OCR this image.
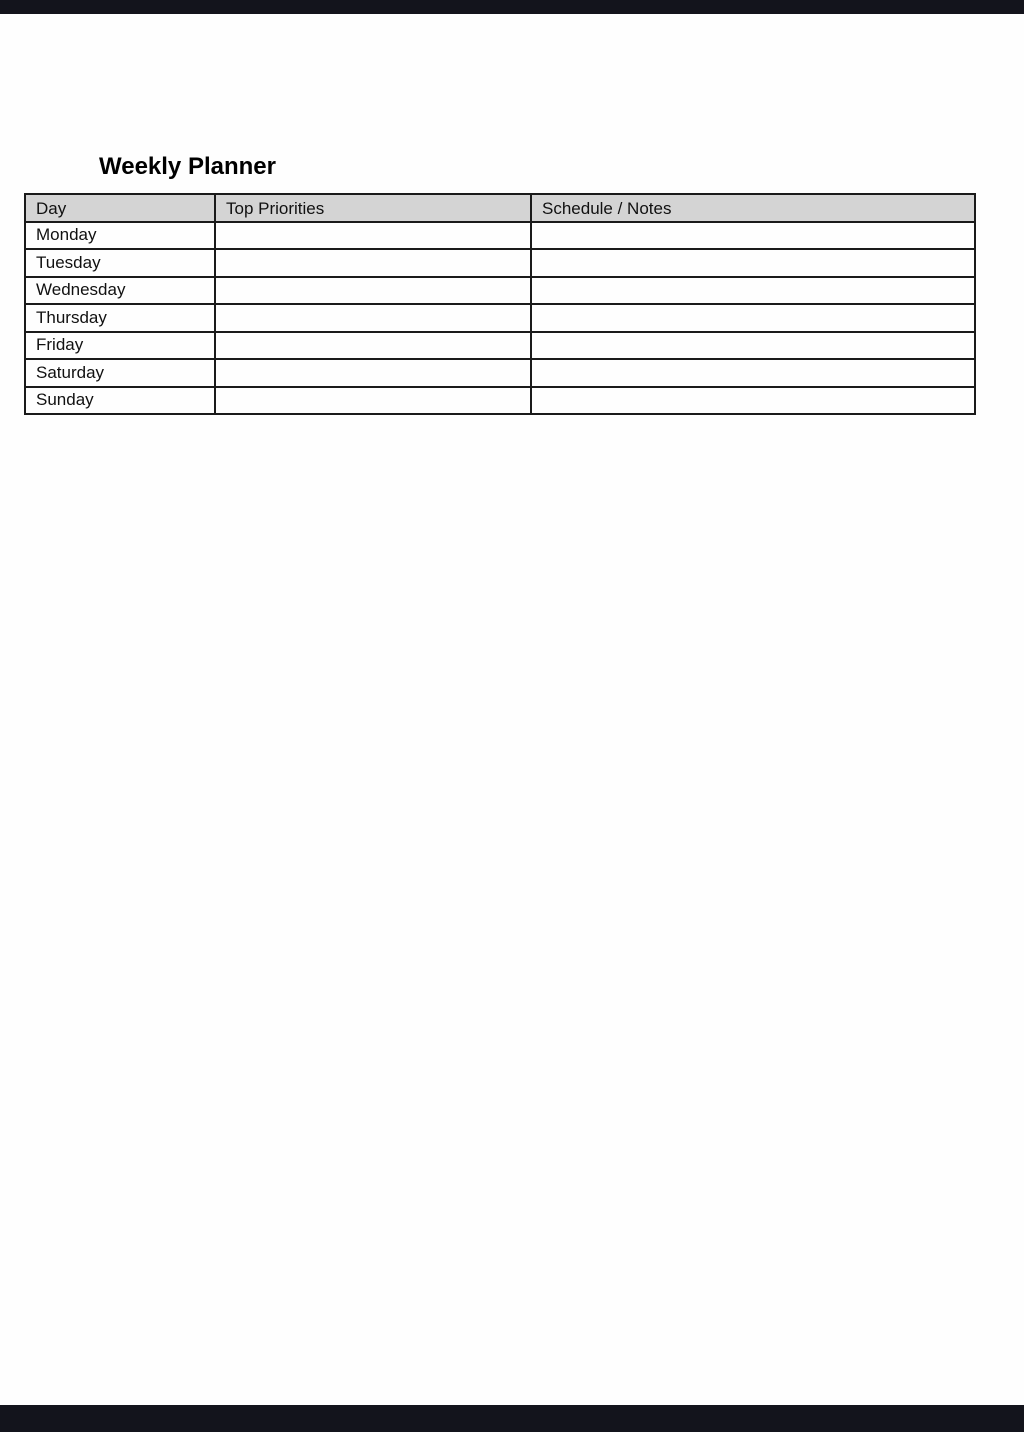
Weekly Planner
Day	Top Priorities	Schedule / Notes
Monday		
Tuesday		
Wednesday		
Thursday		
Friday		
Saturday		
Sunday		
